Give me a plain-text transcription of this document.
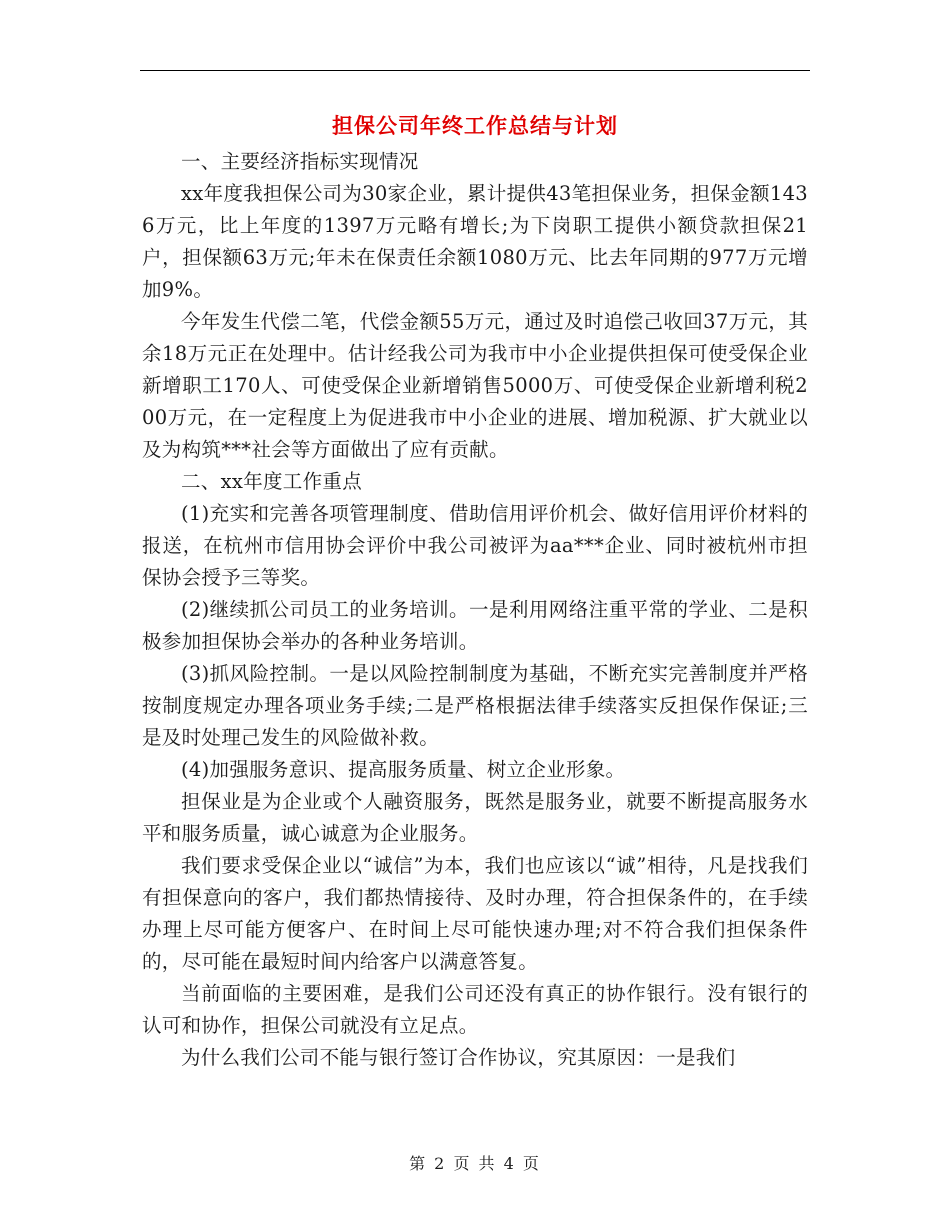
担保公司年终工作总结与计划

一、主要经济指标实现情况

xx年度我担保公司为30家企业，累计提供43笔担保业务，担保金额1436万元，比上年度的1397万元略有增长;为下岗职工提供小额贷款担保21户，担保额63万元;年未在保责任余额1080万元、比去年同期的977万元增加9%。

今年发生代偿二笔，代偿金额55万元，通过及时追偿己收回37万元，其余18万元正在处理中。估计经我公司为我市中小企业提供担保可使受保企业新增职工170人、可使受保企业新增销售5000万、可使受保企业新增利税200万元，在一定程度上为促进我市中小企业的进展、增加税源、扩大就业以及为构筑***社会等方面做出了应有贡献。

二、xx年度工作重点

(1)充实和完善各项管理制度、借助信用评价机会、做好信用评价材料的报送，在杭州市信用协会评价中我公司被评为aa***企业、同时被杭州市担保协会授予三等奖。

(2)继续抓公司员工的业务培训。一是利用网络注重平常的学业、二是积极参加担保协会举办的各种业务培训。

(3)抓风险控制。一是以风险控制制度为基础，不断充实完善制度并严格按制度规定办理各项业务手续;二是严格根据法律手续落实反担保作保证;三是及时处理己发生的风险做补救。

(4)加强服务意识、提高服务质量、树立企业形象。

担保业是为企业或个人融资服务，既然是服务业，就要不断提高服务水平和服务质量，诚心诚意为企业服务。

我们要求受保企业以“诚信”为本，我们也应该以“诚”相待，凡是找我们有担保意向的客户，我们都热情接待、及时办理，符合担保条件的，在手续办理上尽可能方便客户、在时间上尽可能快速办理;对不符合我们担保条件的，尽可能在最短时间内给客户以满意答复。

当前面临的主要困难，是我们公司还没有真正的协作银行。没有银行的认可和协作，担保公司就没有立足点。

为什么我们公司不能与银行签订合作协议，究其原因：一是我们

第 2 页 共 4 页
